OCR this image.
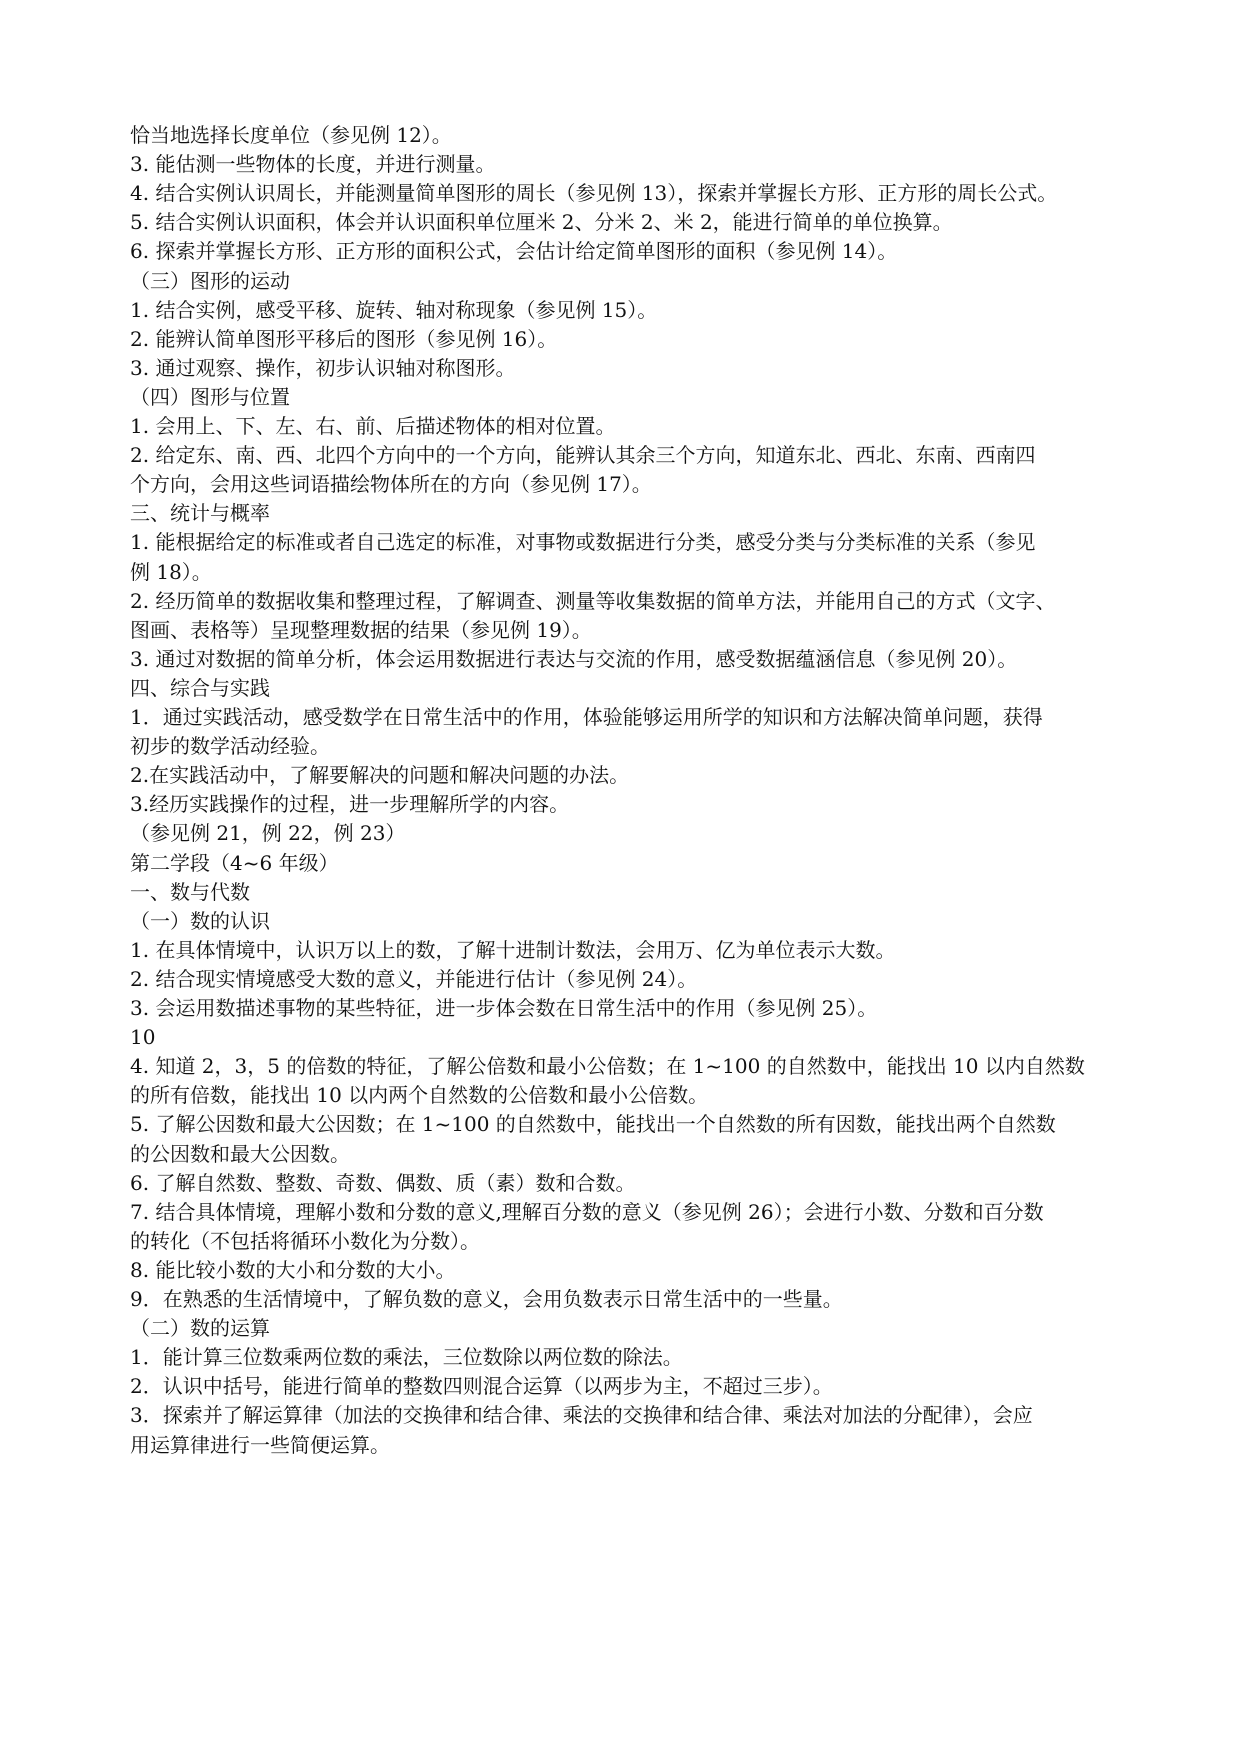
恰当地选择长度单位（参见例 12）。

3. 能估测一些物体的长度，并进行测量。

4. 结合实例认识周长，并能测量简单图形的周长（参见例 13），探索并掌握长方形、正方形的周长公式。

5. 结合实例认识面积，体会并认识面积单位厘米 2、分米 2、米 2，能进行简单的单位换算。

6. 探索并掌握长方形、正方形的面积公式，会估计给定简单图形的面积（参见例 14）。

（三）图形的运动

1. 结合实例，感受平移、旋转、轴对称现象（参见例 15）。

2. 能辨认简单图形平移后的图形（参见例 16）。

3. 通过观察、操作，初步认识轴对称图形。

（四）图形与位置

1. 会用上、下、左、右、前、后描述物体的相对位置。

2. 给定东、南、西、北四个方向中的一个方向，能辨认其余三个方向，知道东北、西北、东南、西南四

个方向，会用这些词语描绘物体所在的方向（参见例 17）。

三、统计与概率

1. 能根据给定的标准或者自己选定的标准，对事物或数据进行分类，感受分类与分类标准的关系（参见

例 18）。

2. 经历简单的数据收集和整理过程，了解调查、测量等收集数据的简单方法，并能用自己的方式（文字、

图画、表格等）呈现整理数据的结果（参见例 19）。

3. 通过对数据的简单分析，体会运用数据进行表达与交流的作用，感受数据蕴涵信息（参见例 20）。

四、综合与实践

1．通过实践活动，感受数学在日常生活中的作用，体验能够运用所学的知识和方法解决简单问题，获得

初步的数学活动经验。

2.在实践活动中，了解要解决的问题和解决问题的办法。

3.经历实践操作的过程，进一步理解所学的内容。

（参见例 21，例 22，例 23）

第二学段（4~6 年级）

一、数与代数

（一）数的认识

1. 在具体情境中，认识万以上的数，了解十进制计数法，会用万、亿为单位表示大数。

2. 结合现实情境感受大数的意义，并能进行估计（参见例 24）。

3. 会运用数描述事物的某些特征，进一步体会数在日常生活中的作用（参见例 25）。

10

4. 知道 2，3，5 的倍数的特征，了解公倍数和最小公倍数；在 1~100 的自然数中，能找出 10 以内自然数

的所有倍数，能找出 10 以内两个自然数的公倍数和最小公倍数。

5. 了解公因数和最大公因数；在 1~100 的自然数中，能找出一个自然数的所有因数，能找出两个自然数

的公因数和最大公因数。

6. 了解自然数、整数、奇数、偶数、质（素）数和合数。

7. 结合具体情境，理解小数和分数的意义,理解百分数的意义（参见例 26）；会进行小数、分数和百分数

的转化（不包括将循环小数化为分数）。

8. 能比较小数的大小和分数的大小。

9．在熟悉的生活情境中，了解负数的意义，会用负数表示日常生活中的一些量。

（二）数的运算

1．能计算三位数乘两位数的乘法，三位数除以两位数的除法。

2．认识中括号，能进行简单的整数四则混合运算（以两步为主，不超过三步）。

3．探索并了解运算律（加法的交换律和结合律、乘法的交换律和结合律、乘法对加法的分配律），会应

用运算律进行一些简便运算。
